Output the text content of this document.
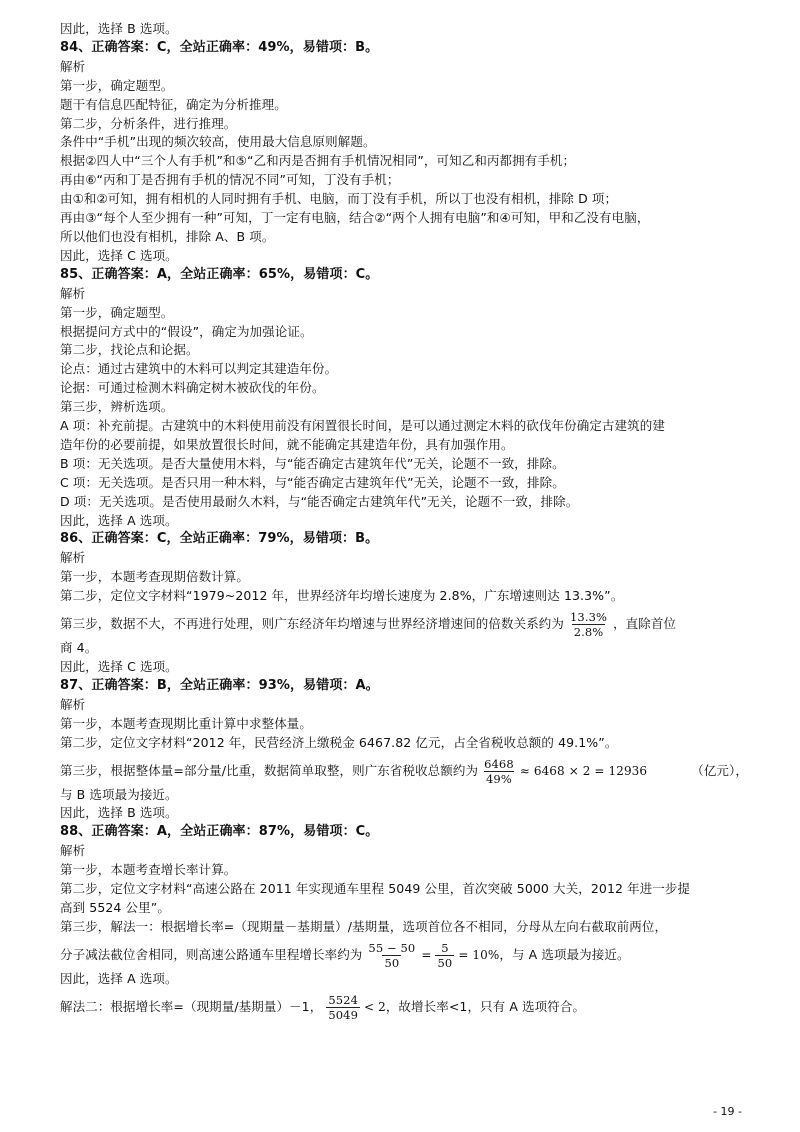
因此，选择 B 选项。
84、正确答案：C，全站正确率：49%，易错项：B。
解析
第一步，确定题型。
题干有信息匹配特征，确定为分析推理。
第二步，分析条件，进行推理。
条件中“手机”出现的频次较高，使用最大信息原则解题。
根据②四人中“三个人有手机”和⑤“乙和丙是否拥有手机情况相同”，可知乙和丙都拥有手机；
再由⑥“丙和丁是否拥有手机的情况不同”可知，丁没有手机；
由①和②可知，拥有相机的人同时拥有手机、电脑，而丁没有手机，所以丁也没有相机，排除 D 项；
再由③“每个人至少拥有一种”可知，丁一定有电脑，结合②“两个人拥有电脑”和④可知，甲和乙没有电脑，
所以他们也没有相机，排除 A、B 项。
因此，选择 C 选项。
85、正确答案：A，全站正确率：65%，易错项：C。
解析
第一步，确定题型。
根据提问方式中的“假设”，确定为加强论证。
第二步，找论点和论据。
论点：通过古建筑中的木料可以判定其建造年份。
论据：可通过检测木料确定树木被砍伐的年份。
第三步，辨析选项。
A 项：补充前提。古建筑中的木料使用前没有闲置很长时间，是可以通过测定木料的砍伐年份确定古建筑的建
造年份的必要前提，如果放置很长时间，就不能确定其建造年份，具有加强作用。
B 项：无关选项。是否大量使用木料，与“能否确定古建筑年代”无关，论题不一致，排除。
C 项：无关选项。是否只用一种木料，与“能否确定古建筑年代”无关，论题不一致，排除。
D 项：无关选项。是否使用最耐久木料，与“能否确定古建筑年代”无关，论题不一致，排除。
因此，选择 A 选项。
86、正确答案：C，全站正确率：79%，易错项：B。
解析
第一步，本题考查现期倍数计算。
第二步，定位文字材料“1979~2012 年，世界经济年均增长速度为 2.8%，广东增速则达 13.3%”。
第三步，数据不大，不再进行处理，则广东经济年均增速与世界经济增速间的倍数关系约为 $\frac{13.3\%}{2.8\%}$ ，直除首位
商 4。
因此，选择 C 选项。
87、正确答案：B，全站正确率：93%，易错项：A。
解析
第一步，本题考查现期比重计算中求整体量。
第二步，定位文字材料“2012 年，民营经济上缴税金 6467.82 亿元，占全省税收总额的 49.1%”。
第三步，根据整体量=部分量/比重，数据简单取整，则广东省税收总额约为 $\frac{6468}{49\%} \approx 6468 \times 2 = 12936$	（亿元），
与 B 选项最为接近。
因此，选择 B 选项。
88、正确答案：A，全站正确率：87%，易错项：C。
解析
第一步，本题考查增长率计算。
第二步，定位文字材料“高速公路在 2011 年实现通车里程 5049 公里，首次突破 5000 大关，2012 年进一步提
高到 5524 公里”。
第三步，解法一：根据增长率=（现期量－基期量）/基期量，选项首位各不相同，分母从左向右截取前两位，
分子减法截位舍相同，则高速公路通车里程增长率约为 $\frac{55 - 50}{50} = \frac{5}{50} = 10\%$ ，与 A 选项最为接近。
因此，选择 A 选项。
解法二：根据增长率=（现期量/基期量）－1， $\frac{5524}{5049} < 2$ ，故增长率<1，只有 A 选项符合。
- 19 -
